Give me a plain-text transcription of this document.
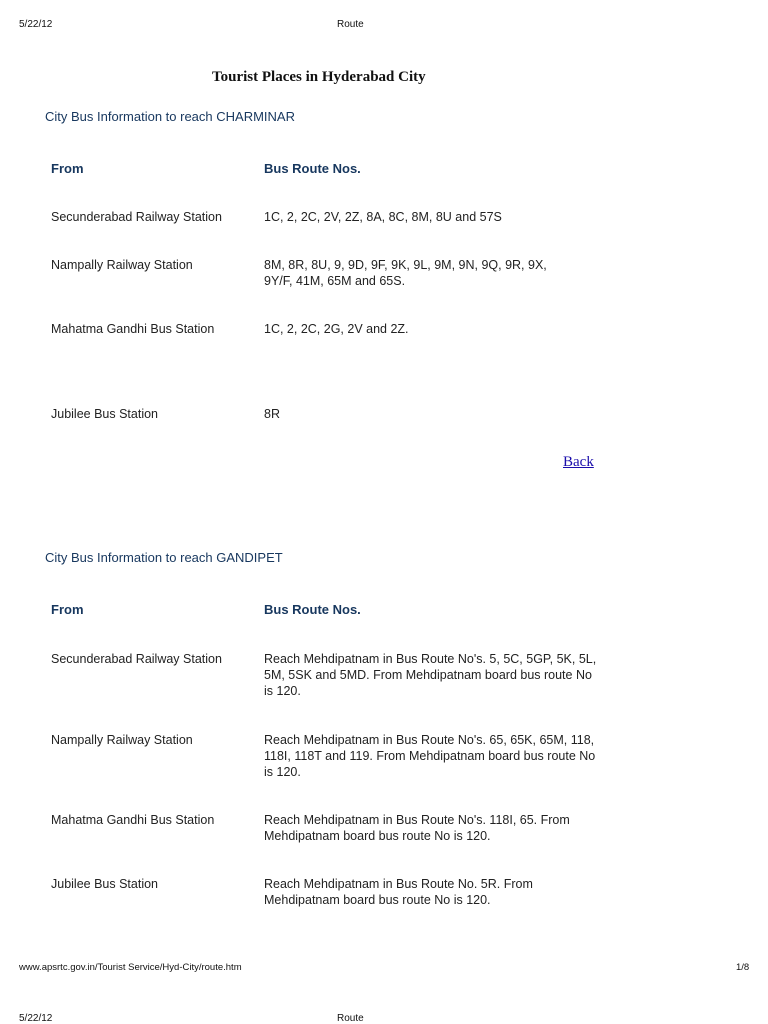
5/22/12	Route
Tourist Places in Hyderabad City
City Bus Information to reach CHARMINAR
From	Bus Route Nos.
Secunderabad Railway Station	1C, 2, 2C, 2V, 2Z, 8A, 8C, 8M, 8U and 57S
Nampally Railway Station	8M, 8R, 8U, 9, 9D, 9F, 9K, 9L, 9M, 9N, 9Q, 9R, 9X, 9Y/F, 41M, 65M and 65S.
Mahatma Gandhi Bus Station	1C, 2, 2C, 2G, 2V and 2Z.
Jubilee Bus Station	8R
Back
City Bus Information to reach GANDIPET
From	Bus Route Nos.
Secunderabad Railway Station	Reach Mehdipatnam in Bus Route No's. 5, 5C, 5GP, 5K, 5L, 5M, 5SK and 5MD. From Mehdipatnam board bus route No is 120.
Nampally Railway Station	Reach Mehdipatnam in Bus Route No's. 65, 65K, 65M, 118, 118I, 118T and 119. From Mehdipatnam board bus route No is 120.
Mahatma Gandhi Bus Station	Reach Mehdipatnam in Bus Route No's. 118I, 65. From Mehdipatnam board bus route No is 120.
Jubilee Bus Station	Reach Mehdipatnam in Bus Route No. 5R. From Mehdipatnam board bus route No is 120.
www.apsrtc.gov.in/Tourist Service/Hyd-City/route.htm	1/8
5/22/12	Route
